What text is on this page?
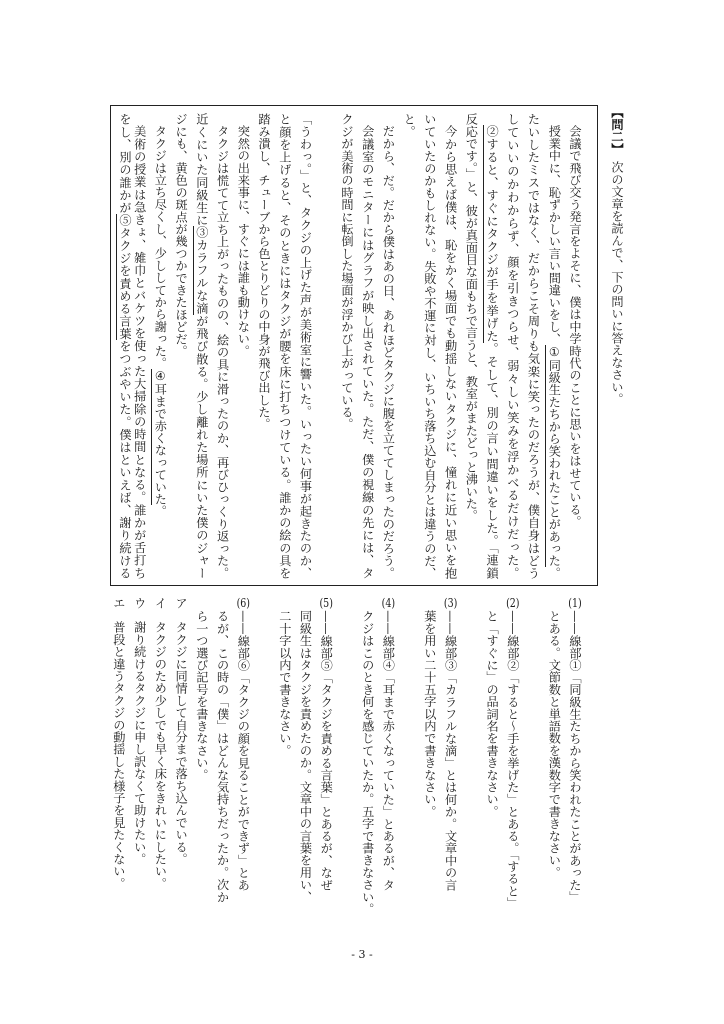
【問二】次の文章を読んで、下の問いに答えなさい。
会議で飛び交う発言をよそに、僕は中学時代のことに思いをはせている。
授業中に、恥ずかしい言い間違いをし、①同級生たちから笑われたことがあった。
たいしたミスではなく、だからこそ周りも気楽に笑ったのだろうが、僕自身はどう
していいのかわからず、顔を引きつらせ、弱々しい笑みを浮かべるだけだった。
②すると、すぐにタクジが手を挙げた。そして、別の言い間違いをした。「連鎖
反応です。」と、彼が真面目な面もちで言うと、教室がまたどっと沸いた。
今から思えば僕は、恥をかく場面でも動揺しないタクジに、憧れに近い思いを抱
いていたのかもしれない。失敗や不運に対し、いちいち落ち込む自分とは違うのだ、
と。
だから、だ。だから僕はあの日、あれほどタクジに腹を立ててしまったのだろう。
会議室のモニターにはグラフが映し出されていた。ただ、僕の視線の先には、タ
クジが美術の時間に転倒した場面が浮かび上がっている。
「うわっ。」と、タクジの上げた声が美術室に響いた。いったい何事が起きたのか、
と顔を上げると、そのときにはタクジが腰を床に打ちつけている。誰かの絵の具を
踏み潰し、チューブから色とりどりの中身が飛び出した。
突然の出来事に、すぐには誰も動けない。
タクジは慌てて立ち上がったものの、絵の具に滑ったのか、再びひっくり返った。
近くにいた同級生に③カラフルな滴が飛び散る。少し離れた場所にいた僕のジャー
ジにも、黄色の斑点が幾つかできたほどだ。
タクジは立ち尽くし、少ししてから謝った。④耳まで赤くなっていた。
美術の授業は急きょ、雑巾とバケツを使った大掃除の時間となる。誰かが舌打ち
をし、別の誰かが⑤タクジを責める言葉をつぶやいた。僕はといえば、謝り続ける
(1)——線部①「同級生たちから笑われたことがあった」
とある。文節数と単語数を漢数字で書きなさい。
(2)——線部②「すると～手を挙げた」とある。「すると」
と「すぐに」の品詞名を書きなさい。
(3)——線部③「カラフルな滴」とは何か。文章中の言
葉を用い二十五字以内で書きなさい。
(4)——線部④「耳まで赤くなっていた」とあるが、タ
クジはこのとき何を感じていたか。五字で書きなさい。
(5)——線部⑤「タクジを責める言葉」とあるが、なぜ
同級生はタクジを責めたのか。文章中の言葉を用い、
二十字以内で書きなさい。
(6)——線部⑥「タクジの顔を見ることができず」とあ
るが、この時の「僕」はどんな気持ちだったか。次か
ら一つ選び記号を書きなさい。
アタクジに同情して自分まで落ち込んでいる。
イタクジのため少しでも早く床をきれいにしたい。
ウ謝り続けるタクジに申し訳なくて助けたい。
エ普段と違うタクジの動揺した様子を見たくない。
- 3 -
